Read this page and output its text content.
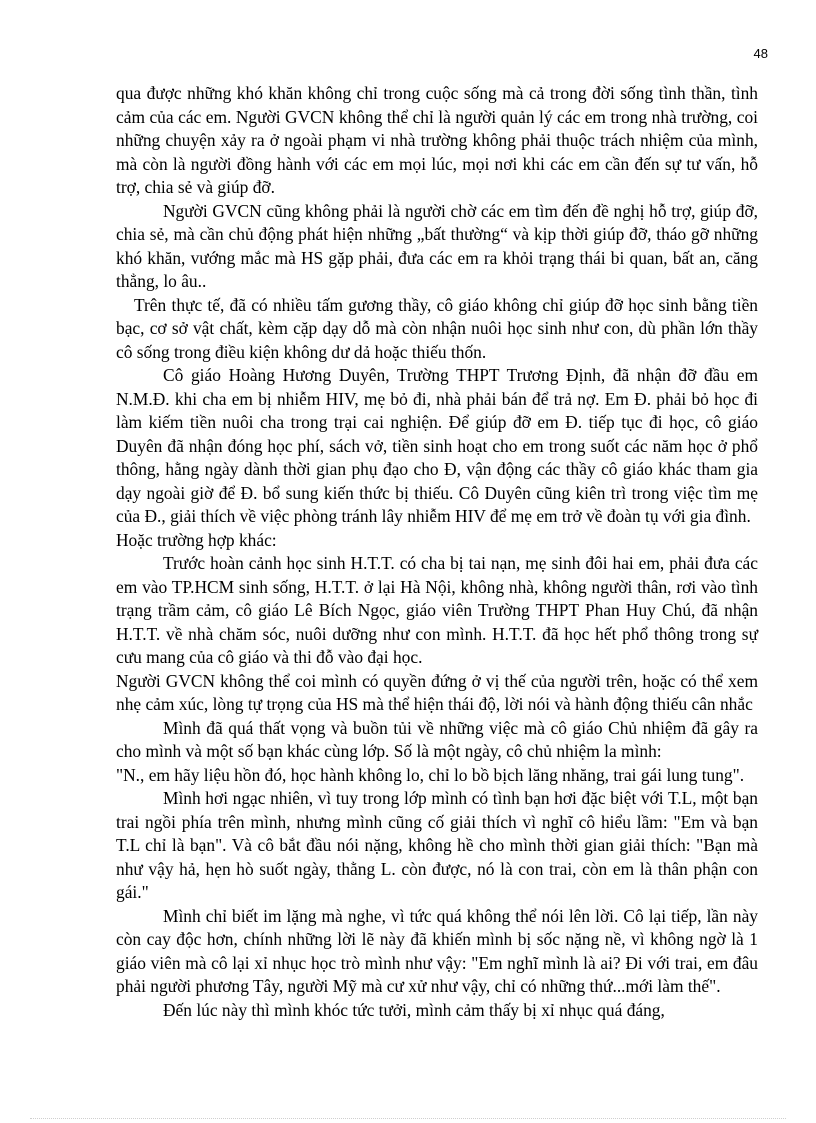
48

qua được những khó khăn không chỉ trong cuộc sống mà cả trong đời sống tình thần, tình cảm của các em. Người GVCN không thể chỉ là người quản lý các em trong nhà trường, coi những chuyện xảy ra ở ngoài phạm vi nhà trường không phải thuộc trách nhiệm của mình, mà còn là người đồng hành với các em mọi lúc, mọi nơi khi các em cần đến sự tư vấn, hỗ trợ, chia sẻ và giúp đỡ.

Người GVCN cũng không phải là người chờ các em tìm đến đề nghị hỗ trợ, giúp đỡ, chia sẻ, mà cần chủ động phát hiện những „bất thường“ và kịp thời giúp đỡ, tháo gỡ những khó khăn, vướng mắc mà HS gặp phải, đưa các em ra khỏi trạng thái bi quan, bất an, căng thẳng, lo âu..

Trên thực tế, đã có nhiều tấm gương thầy, cô giáo không chỉ giúp đỡ học sinh bằng tiền bạc, cơ sở vật chất, kèm cặp dạy dỗ mà còn nhận nuôi học sinh như con, dù phần lớn thầy cô sống trong điều kiện không dư dả hoặc thiếu thốn.

Cô giáo Hoàng Hương Duyên, Trường THPT Trương Định, đã nhận đỡ đầu em N.M.Đ. khi cha em bị nhiễm HIV, mẹ bỏ đi, nhà phải bán để trả nợ. Em Đ. phải bỏ học đi làm kiếm tiền nuôi cha trong trại cai nghiện. Để giúp đỡ em Đ. tiếp tục đi học, cô giáo Duyên đã nhận đóng học phí, sách vở, tiền sinh hoạt cho em trong suốt các năm học ở phổ thông, hằng ngày dành thời gian phụ đạo cho Đ, vận động các thầy cô giáo khác tham gia dạy ngoài giờ để Đ. bổ sung kiến thức bị thiếu. Cô Duyên cũng kiên trì trong việc tìm mẹ của Đ., giải thích về việc phòng tránh lây nhiễm HIV để mẹ em trở về đoàn tụ với gia đình.

Hoặc trường hợp khác:

Trước hoàn cảnh học sinh H.T.T. có cha bị tai nạn, mẹ sinh đôi hai em, phải đưa các em vào TP.HCM sinh sống, H.T.T. ở lại Hà Nội, không nhà, không người thân, rơi vào tình trạng trầm cảm, cô giáo Lê Bích Ngọc, giáo viên Trường THPT Phan Huy Chú, đã nhận H.T.T. về nhà chăm sóc, nuôi dưỡng như con mình. H.T.T. đã học hết phổ thông trong sự cưu mang của cô giáo và thi đỗ vào đại học.

Người GVCN không thể coi mình có quyền đứng ở vị thế của người trên, hoặc có thể xem nhẹ cảm xúc, lòng tự trọng của HS mà thể hiện thái độ, lời nói và hành động thiếu cân nhắc

Mình đã quá thất vọng và buồn tủi về những việc mà cô giáo Chủ nhiệm đã gây ra cho mình và một số bạn khác cùng lớp. Số là một ngày, cô chủ nhiệm la mình:

"N., em hãy liệu hồn đó, học hành không lo, chỉ lo bồ bịch lăng nhăng, trai gái lung tung".

Mình hơi ngạc nhiên, vì tuy trong lớp mình có tình bạn hơi đặc biệt với T.L, một bạn trai ngồi phía trên mình, nhưng mình cũng cố giải thích vì nghĩ cô hiểu lầm: "Em và bạn T.L chỉ là bạn". Và cô bắt đầu nói nặng, không hề cho mình thời gian giải thích: "Bạn mà như vậy hả, hẹn hò suốt ngày, thằng L. còn được, nó là con trai, còn em là thân phận con gái."

Mình chỉ biết im lặng mà nghe, vì tức quá không thể nói lên lời. Cô lại tiếp, lần này còn cay độc hơn, chính những lời lẽ này đã khiến mình bị sốc nặng nề, vì không ngờ là 1 giáo viên mà cô lại xỉ nhục học trò mình như vậy: "Em nghĩ mình là ai? Đi với trai, em đâu phải người phương Tây, người Mỹ mà cư xử như vậy, chỉ có những thứ...mới làm thế".

Đến lúc này thì mình khóc tức tưởi, mình cảm thấy bị xỉ nhục quá đáng,
